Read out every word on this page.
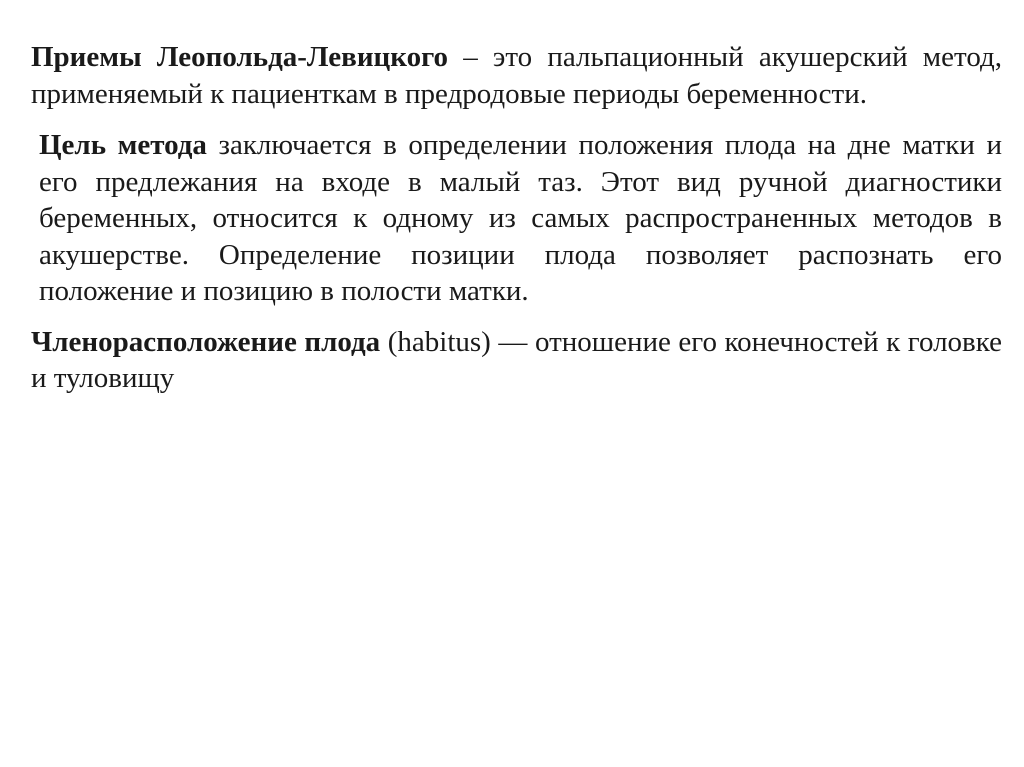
Приемы Леопольда-Левицкого – это пальпационный акушерский метод, применяемый к пациенткам в предродовые периоды беременности.

Цель метода заключается в определении положения плода на дне матки и его предлежания на входе в малый таз. Этот вид ручной диагностики беременных, относится к одному из самых распространенных методов в акушерстве. Определение позиции плода позволяет распознать его положение и позицию в полости матки.

Членорасположение плода (habitus) — отношение его конечностей к головке и туловищу
